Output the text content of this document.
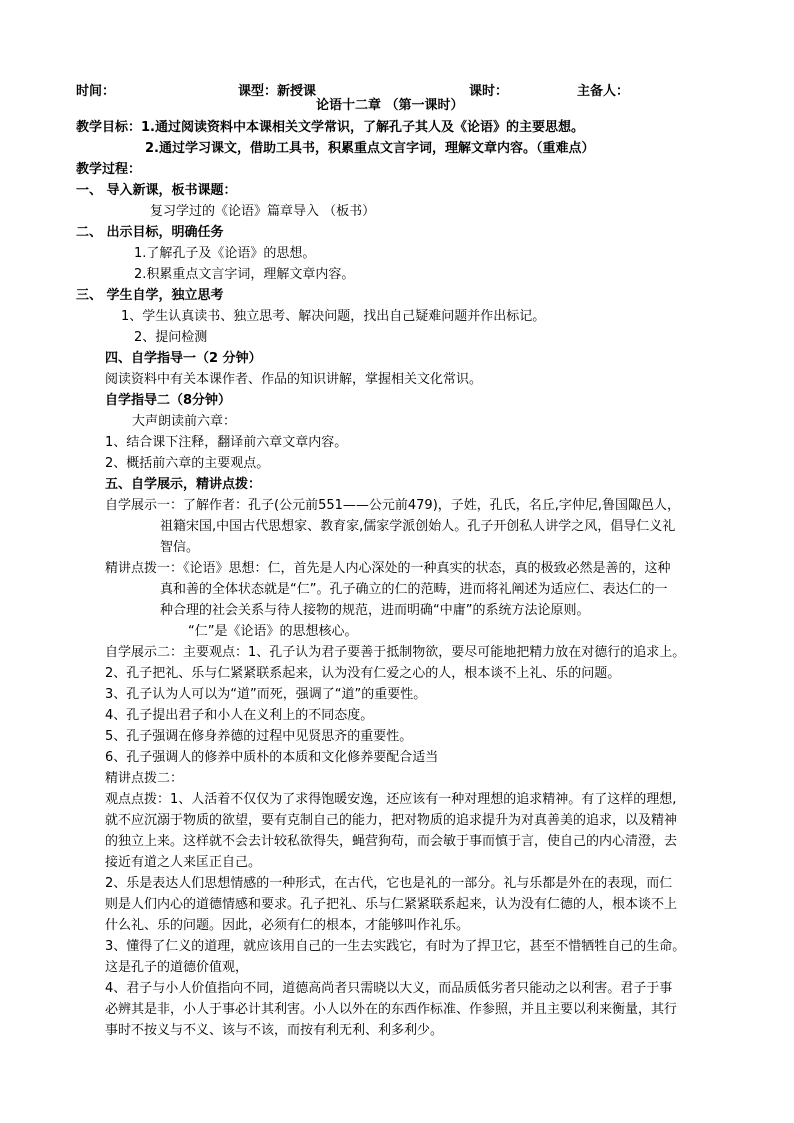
时间：	课型：新授课	课时：	主备人：
论语十二章 （第一课时）
教学目标：1.通过阅读资料中本课相关文学常识，了解孔子其人及《论语》的主要思想。
2.通过学习课文，借助工具书，积累重点文言字词，理解文章内容。（重难点）
教学过程：
一、 导入新课，板书课题：
复习学过的《论语》篇章导入 （板书）
二、 出示目标，明确任务
1.了解孔子及《论语》的思想。
2.积累重点文言字词，理解文章内容。
三、 学生自学，独立思考
1、学生认真读书、独立思考、解决问题，找出自己疑难问题并作出标记。
2、提问检测
四、自学指导一（2 分钟）
阅读资料中有关本课作者、作品的知识讲解，掌握相关文化常识。
自学指导二（8分钟）
大声朗读前六章：
1、结合课下注释，翻译前六章文章内容。
2、概括前六章的主要观点。
五、自学展示，精讲点拨：
自学展示一：了解作者：孔子(公元前551——公元前479)，子姓，孔氏，名丘,字仲尼,鲁国陬邑人，
祖籍宋国,中国古代思想家、教育家,儒家学派创始人。孔子开创私人讲学之风，倡导仁义礼
智信。
精讲点拨一：《论语》思想：仁，首先是人内心深处的一种真实的状态，真的极致必然是善的，这种
真和善的全体状态就是“仁”。孔子确立的仁的范畴，进而将礼阐述为适应仁、表达仁的一
种合理的社会关系与待人接物的规范，进而明确“中庸”的系统方法论原则。
“仁”是《论语》的思想核心。
自学展示二：主要观点：1、孔子认为君子要善于抵制物欲，要尽可能地把精力放在对德行的追求上。
2、孔子把礼、乐与仁紧紧联系起来，认为没有仁爱之心的人，根本谈不上礼、乐的问题。
3、孔子认为人可以为“道”而死，强调了“道”的重要性。
4、孔子提出君子和小人在义利上的不同态度。
5、孔子强调在修身养德的过程中见贤思齐的重要性。
6、孔子强调人的修养中质朴的本质和文化修养要配合适当
精讲点拨二：
观点点拨：1、人活着不仅仅为了求得饱暖安逸，还应该有一种对理想的追求精神。有了这样的理想,
就不应沉溺于物质的欲望，要有克制自己的能力，把对物质的追求提升为对真善美的追求，以及精神
的独立上来。这样就不会去计较私欲得失，蝇营狗苟，而会敏于事而慎于言，使自己的内心清澄，去
接近有道之人来匡正自己。
2、乐是表达人们思想情感的一种形式，在古代，它也是礼的一部分。礼与乐都是外在的表现，而仁
则是人们内心的道德情感和要求。孔子把礼、乐与仁紧紧联系起来，认为没有仁德的人，根本谈不上
什么礼、乐的问题。因此，必须有仁的根本，才能够叫作礼乐。
3、懂得了仁义的道理，就应该用自己的一生去实践它，有时为了捍卫它，甚至不惜牺牲自己的生命。
这是孔子的道德价值观，
4、君子与小人价值指向不同，道德高尚者只需晓以大义，而品质低劣者只能动之以利害。君子于事
必辨其是非，小人于事必计其利害。小人以外在的东西作标准、作参照，并且主要以利来衡量，其行
事时不按义与不义、该与不该，而按有利无利、利多利少。
